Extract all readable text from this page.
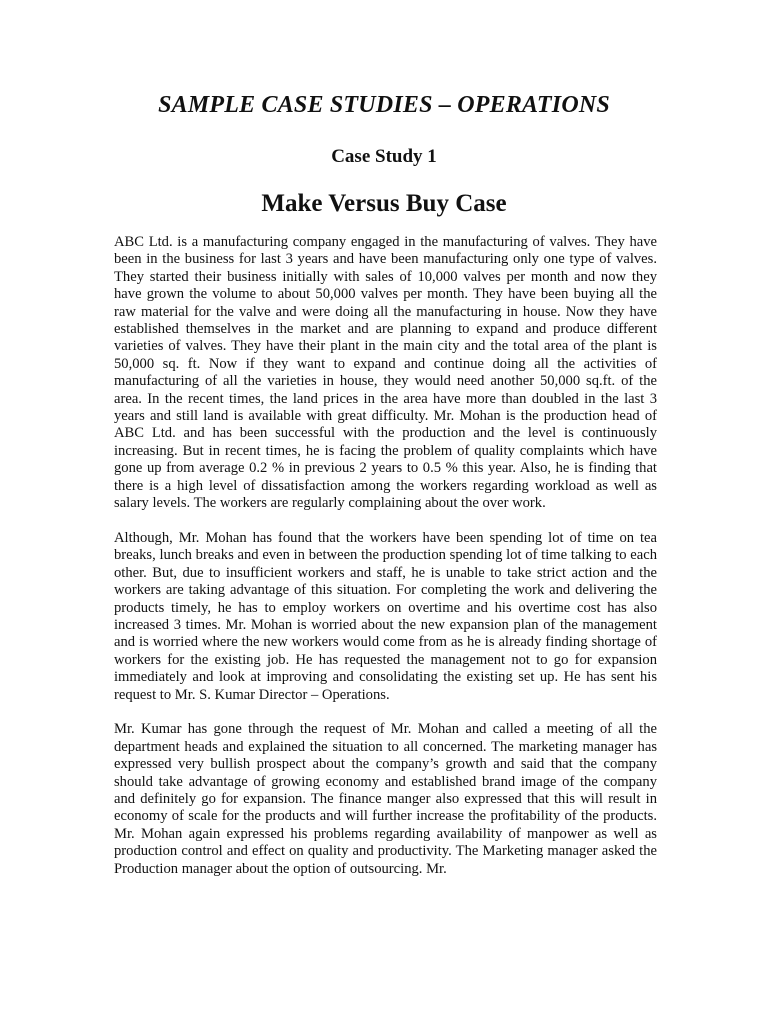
SAMPLE CASE STUDIES – OPERATIONS
Case Study 1
Make Versus Buy Case

ABC Ltd. is a manufacturing company engaged in the manufacturing of valves. They have been in the business for last 3 years and have been manufacturing only one type of valves. They started their business initially with sales of 10,000 valves per month and now they have grown the volume to about 50,000 valves per month. They have been buying all the raw material for the valve and were doing all the manufacturing in house. Now they have established themselves in the market and are planning to expand and produce different varieties of valves. They have their plant in the main city and the total area of the plant is 50,000 sq. ft. Now if they want to expand and continue doing all the activities of manufacturing of all the varieties in house, they would need another 50,000 sq.ft. of the area. In the recent times, the land prices in the area have more than doubled in the last 3 years and still land is available with great difficulty. Mr. Mohan is the production head of ABC Ltd. and has been successful with the production and the level is continuously increasing. But in recent times, he is facing the problem of quality complaints which have gone up from average 0.2 % in previous 2 years to 0.5 % this year. Also, he is finding that there is a high level of dissatisfaction among the workers regarding workload as well as salary levels. The workers are regularly complaining about the over work.

Although, Mr. Mohan has found that the workers have been spending lot of time on tea breaks, lunch breaks and even in between the production spending lot of time talking to each other. But, due to insufficient workers and staff, he is unable to take strict action and the workers are taking advantage of this situation. For completing the work and delivering the products timely, he has to employ workers on overtime and his overtime cost has also increased 3 times. Mr. Mohan is worried about the new expansion plan of the management and is worried where the new workers would come from as he is already finding shortage of workers for the existing job. He has requested the management not to go for expansion immediately and look at improving and consolidating the existing set up. He has sent his request to Mr. S. Kumar Director – Operations.

Mr. Kumar has gone through the request of Mr. Mohan and called a meeting of all the department heads and explained the situation to all concerned. The marketing manager has expressed very bullish prospect about the company’s growth and said that the company should take advantage of growing economy and established brand image of the company and definitely go for expansion. The finance manger also expressed that this will result in economy of scale for the products and will further increase the profitability of the products. Mr. Mohan again expressed his problems regarding availability of manpower as well as production control and effect on quality and productivity. The Marketing manager asked the Production manager about the option of outsourcing. Mr.
